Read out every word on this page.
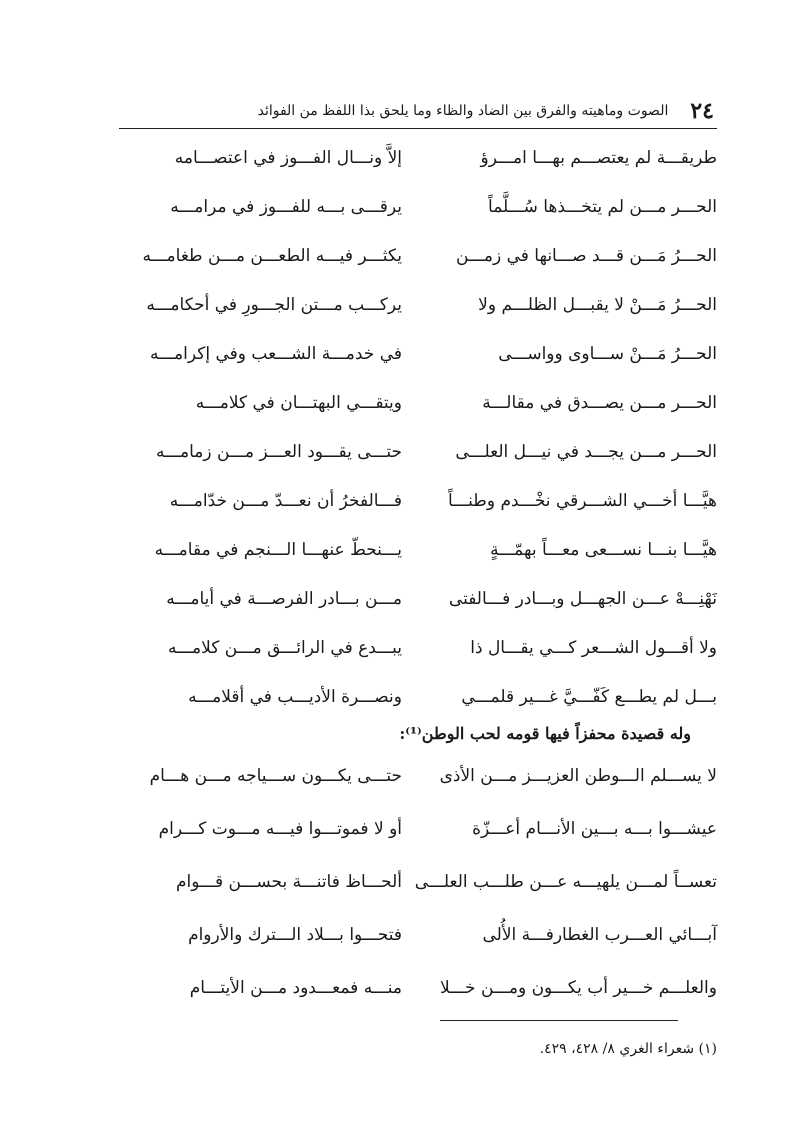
٢٤
الصوت وماهيته والفرق بين الضاد والظاء وما يلحق بذا اللفظ من الفوائد
طريقـــة لم يعتصـــم بهـــا امـــرؤ
إلاَّ ونـــال الفـــوز في اعتصـــامه
الحـــر مـــن لم يتخـــذها سُـــلَّماً
يرقـــى بـــه للفـــوز في مرامـــه
الحـــرُ مَـــن قـــد صـــانها في زمـــن
يكثـــر فيـــه الطعـــن مـــن طغامـــه
الحـــرُ مَـــنْ لا يقبـــل الظلـــم ولا
يركـــب مـــتن الجـــورِ في أحكامـــه
الحـــرُ مَـــنْ ســـاوى وواســـى
في خدمـــة الشـــعب وفي إكرامـــه
الحـــر مـــن يصـــدق في مقالـــة
ويتقـــي البهتـــان في كلامـــه
الحـــر مـــن يجـــد في نيـــل العلـــى
حتـــى يقـــود العـــز مـــن زمامـــه
هيَّـــا أخـــي الشـــرقي نخْـــدم وطنـــاً
فـــالفخرُ أن نعـــدّ مـــن خدّامـــه
هيَّـــا بنـــا نســـعى معـــاً بهمّـــةٍ
يـــنحطّ عنهـــا الـــنجم في مقامـــه
نَهْنِـــهْ عـــن الجهـــل وبـــادر فـــالفتى
مـــن بـــادر الفرصـــة في أيامـــه
ولا أقـــول الشـــعر كـــي يقـــال ذا
يبـــدع في الرائـــق مـــن كلامـــه
بـــل لم يطـــع كَفّـــيَّ غـــير قلمـــي
ونصـــرة الأديـــب في أقلامـــه
وله قصيدة محفزاً فيها قومه لحب الوطن⁽¹⁾:
لا يســـلم الـــوطن العزيـــز مـــن الأذى
حتـــى يكـــون ســـياجه مـــن هـــام
عيشـــوا بـــه بـــين الأنـــام أعـــزّة
أو لا فموتـــوا فيـــه مـــوت كـــرام
تعســاً لمـــن يلهيـــه عـــن طلـــب العلـــى
ألحـــاظ فاتنـــة بحســـن قـــوام
آبـــائي العـــرب الغطارفـــة الأُلى
فتحـــوا بـــلاد الـــترك والأروام
والعلـــم خـــير أب يكـــون ومـــن خـــلا
منـــه فمعـــدود مـــن الأيتـــام
(١) شعراء الغري ٨/ ٤٢٨، ٤٢٩.
